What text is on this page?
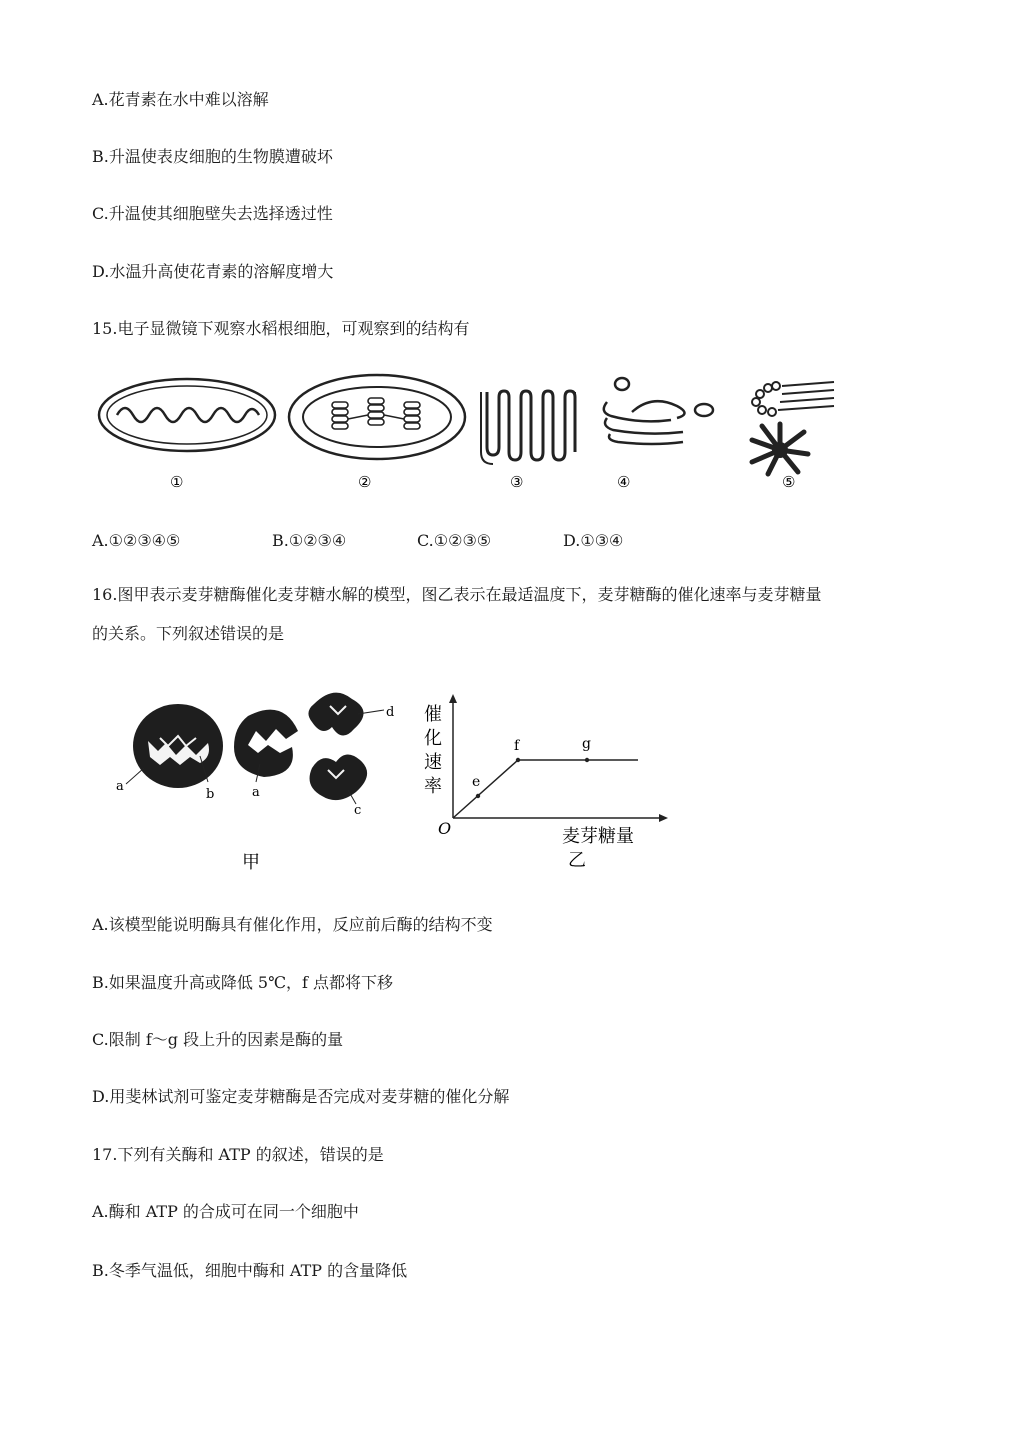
A.花青素在水中难以溶解
B.升温使表皮细胞的生物膜遭破坏
C.升温使其细胞壁失去选择透过性
D.水温升高使花青素的溶解度增大
15.电子显微镜下观察水稻根细胞，可观察到的结构有
①	②	③	④	⑤
A.①②③④⑤	B.①②③④	C.①②③⑤	D.①③④
16.图甲表示麦芽糖酶催化麦芽糖水解的模型，图乙表示在最适温度下，麦芽糖酶的催化速率与麦芽糖量
的关系。下列叙述错误的是
a
b	a
d
c
甲
催
化
速
率
O	麦芽糖量
e
f	g
乙
A.该模型能说明酶具有催化作用，反应前后酶的结构不变
B.如果温度升高或降低 5℃，f 点都将下移
C.限制 f～g 段上升的因素是酶的量
D.用斐林试剂可鉴定麦芽糖酶是否完成对麦芽糖的催化分解
17.下列有关酶和 ATP 的叙述，错误的是
A.酶和 ATP 的合成可在同一个细胞中
B.冬季气温低，细胞中酶和 ATP 的含量降低
